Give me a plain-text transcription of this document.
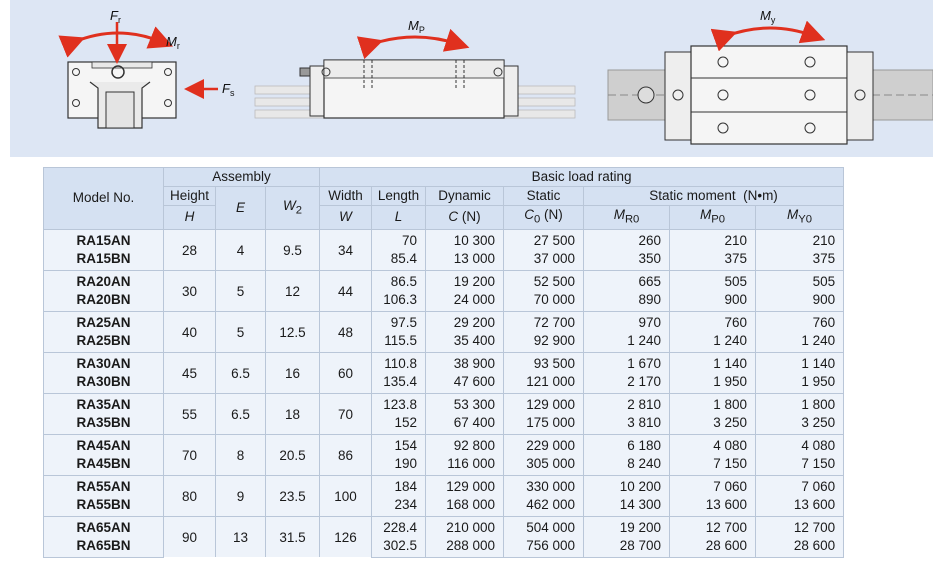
$F_r$
$M_r$
$F_s$
$M_P$
$M_y$
Model No.	Assembly			Basic load rating						
	Height	E	$W_2$	Width	Length	Dynamic	Static	Static moment (N•m)		
	H			W	L	C (N)	$C_0$ (N)	$M_{R0}$	$M_{P0}$	$M_{Y0}$
RA15AN	28	4	9.5	34	70	10 300	27 500	260	210	210
RA15BN					85.4	13 000	37 000	350	375	375
RA20AN	30	5	12	44	86.5	19 200	52 500	665	505	505
RA20BN					106.3	24 000	70 000	890	900	900
RA25AN	40	5	12.5	48	97.5	29 200	72 700	970	760	760
RA25BN					115.5	35 400	92 900	1 240	1 240	1 240
RA30AN	45	6.5	16	60	110.8	38 900	93 500	1 670	1 140	1 140
RA30BN					135.4	47 600	121 000	2 170	1 950	1 950
RA35AN	55	6.5	18	70	123.8	53 300	129 000	2 810	1 800	1 800
RA35BN					152	67 400	175 000	3 810	3 250	3 250
RA45AN	70	8	20.5	86	154	92 800	229 000	6 180	4 080	4 080
RA45BN					190	116 000	305 000	8 240	7 150	7 150
RA55AN	80	9	23.5	100	184	129 000	330 000	10 200	7 060	7 060
RA55BN					234	168 000	462 000	14 300	13 600	13 600
RA65AN	90	13	31.5	126	228.4	210 000	504 000	19 200	12 700	12 700
RA65BN					302.5	288 000	756 000	28 700	28 600	28 600
